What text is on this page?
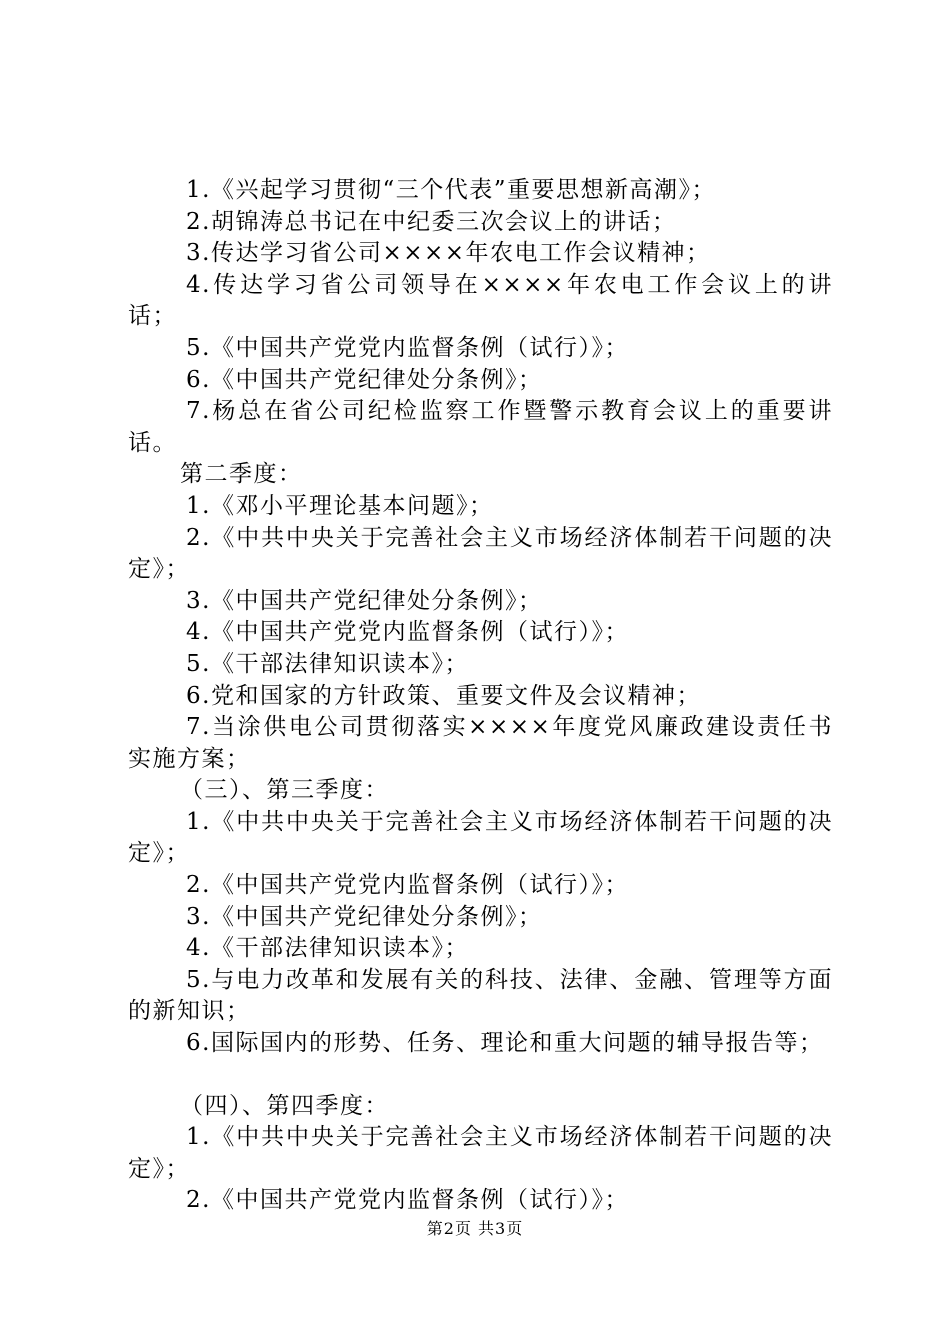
1.《兴起学习贯彻“三个代表”重要思想新高潮》；

2.胡锦涛总书记在中纪委三次会议上的讲话；

3.传达学习省公司××××年农电工作会议精神；

4.传达学习省公司领导在××××年农电工作会议上的讲话；

5.《中国共产党党内监督条例（试行）》；

6.《中国共产党纪律处分条例》；

7.杨总在省公司纪检监察工作暨警示教育会议上的重要讲话。

第二季度：

1.《邓小平理论基本问题》；

2.《中共中央关于完善社会主义市场经济体制若干问题的决定》；

3.《中国共产党纪律处分条例》；

4.《中国共产党党内监督条例（试行）》；

5.《干部法律知识读本》；

6.党和国家的方针政策、重要文件及会议精神；

7.当涂供电公司贯彻落实××××年度党风廉政建设责任书实施方案；

（三）、第三季度：

1.《中共中央关于完善社会主义市场经济体制若干问题的决定》；

2.《中国共产党党内监督条例（试行）》；

3.《中国共产党纪律处分条例》；

4.《干部法律知识读本》；

5.与电力改革和发展有关的科技、法律、金融、管理等方面的新知识；

6.国际国内的形势、任务、理论和重大问题的辅导报告等；

（四）、第四季度：

1.《中共中央关于完善社会主义市场经济体制若干问题的决定》；

2.《中国共产党党内监督条例（试行）》；

第2页 共3页
